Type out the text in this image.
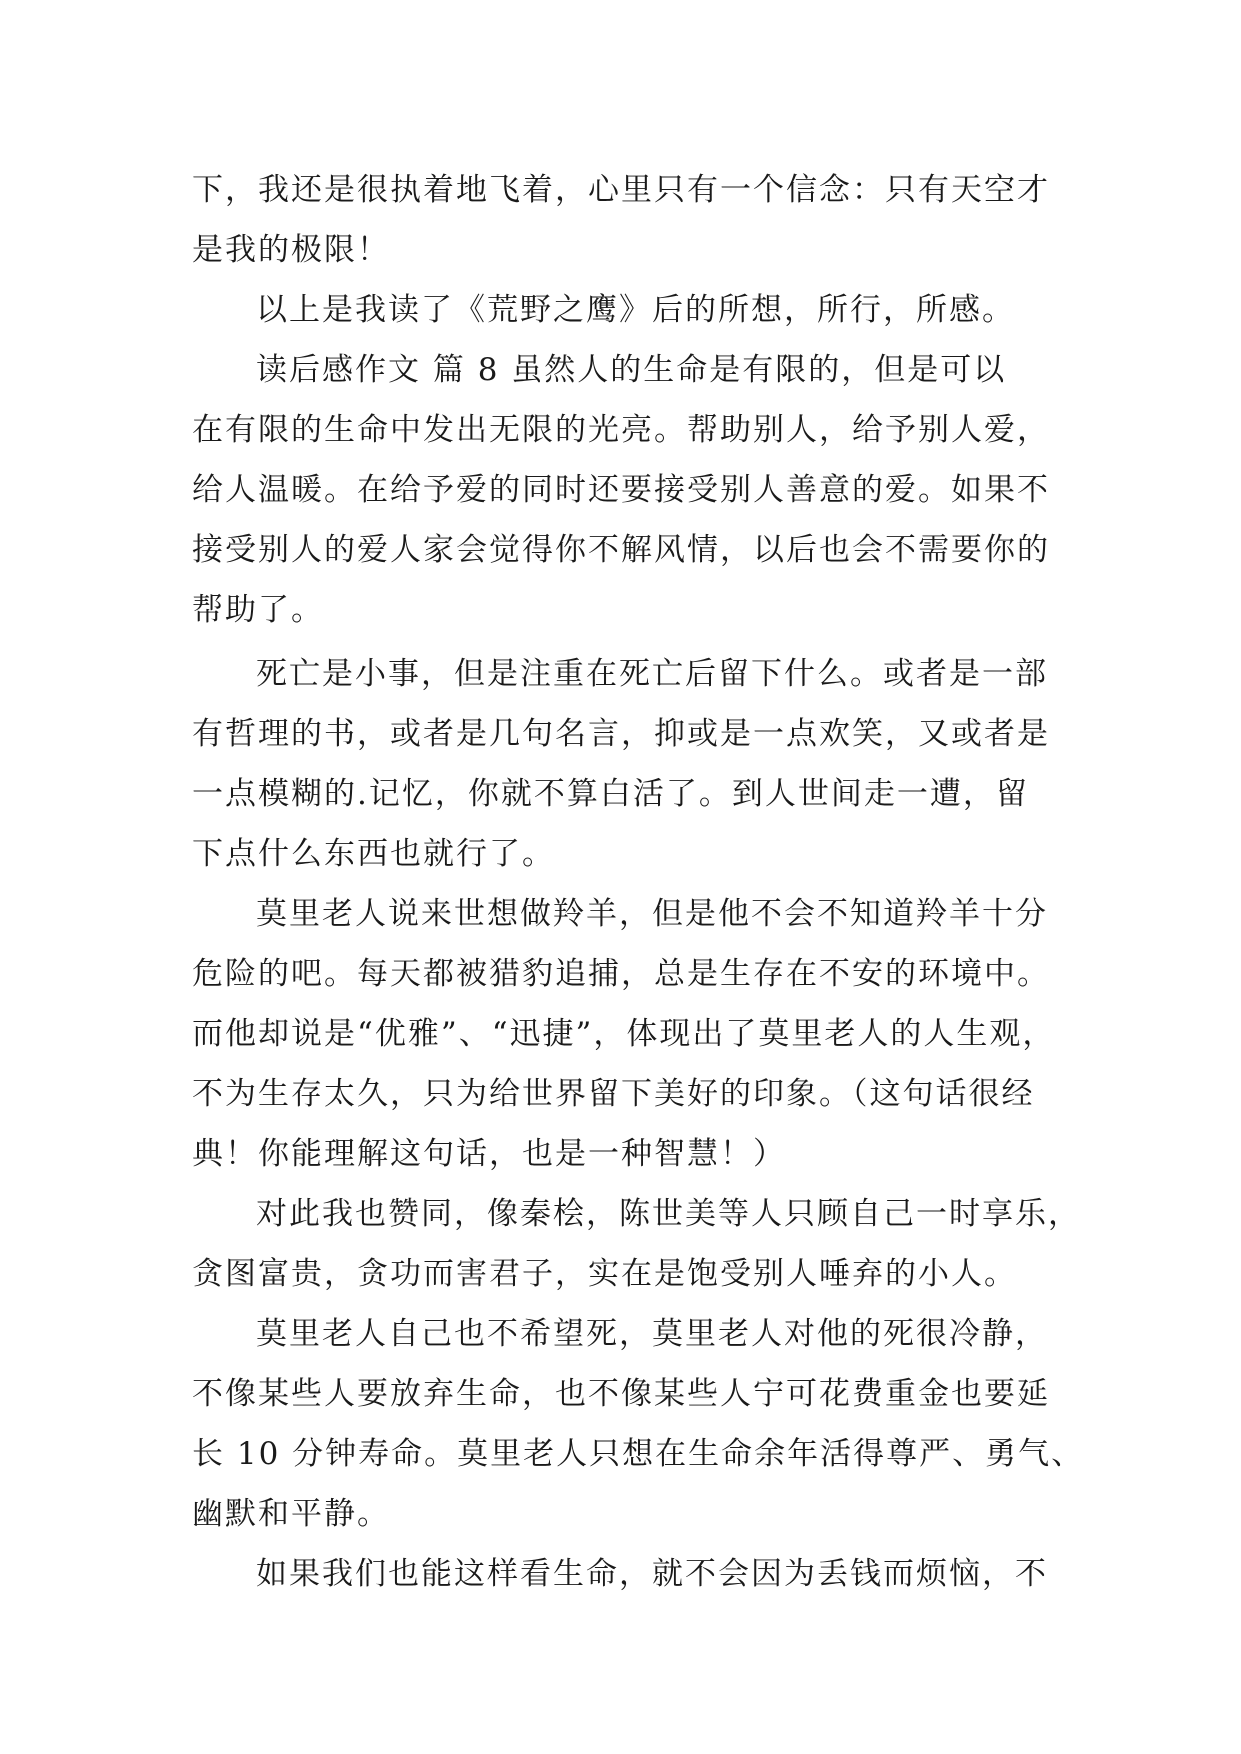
下，我还是很执着地飞着，心里只有一个信念：只有天空才
是我的极限！
以上是我读了《荒野之鹰》后的所想，所行，所感。
读后感作文 篇 8 虽然人的生命是有限的，但是可以
在有限的生命中发出无限的光亮。帮助别人，给予别人爱，
给人温暖。在给予爱的同时还要接受别人善意的爱。如果不
接受别人的爱人家会觉得你不解风情，以后也会不需要你的
帮助了。
死亡是小事，但是注重在死亡后留下什么。或者是一部
有哲理的书，或者是几句名言，抑或是一点欢笑，又或者是
一点模糊的.记忆，你就不算白活了。到人世间走一遭，留
下点什么东西也就行了。
莫里老人说来世想做羚羊，但是他不会不知道羚羊十分
危险的吧。每天都被猎豹追捕，总是生存在不安的环境中。
而他却说是“优雅”、“迅捷”，体现出了莫里老人的人生观，
不为生存太久，只为给世界留下美好的印象。（这句话很经
典！你能理解这句话，也是一种智慧！）
对此我也赞同，像秦桧，陈世美等人只顾自己一时享乐，
贪图富贵，贪功而害君子，实在是饱受别人唾弃的小人。
莫里老人自己也不希望死，莫里老人对他的死很冷静，
不像某些人要放弃生命，也不像某些人宁可花费重金也要延
长 10 分钟寿命。莫里老人只想在生命余年活得尊严、勇气、
幽默和平静。
如果我们也能这样看生命，就不会因为丢钱而烦恼，不
